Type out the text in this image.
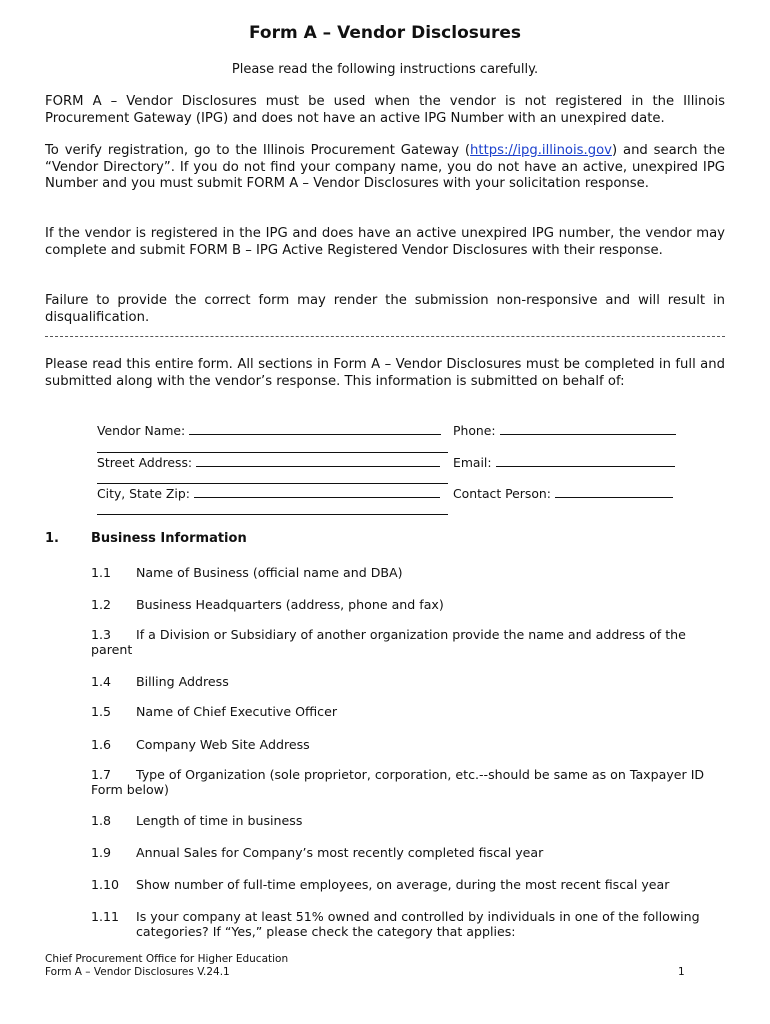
Form A – Vendor Disclosures
Please read the following instructions carefully.
FORM A – Vendor Disclosures must be used when the vendor is not registered in the Illinois Procurement Gateway (IPG) and does not have an active IPG Number with an unexpired date.
To verify registration, go to the Illinois Procurement Gateway (https://ipg.illinois.gov) and search the “Vendor Directory”. If you do not find your company name, you do not have an active, unexpired IPG Number and you must submit FORM A – Vendor Disclosures with your solicitation response.
If the vendor is registered in the IPG and does have an active unexpired IPG number, the vendor may complete and submit FORM B – IPG Active Registered Vendor Disclosures with their response.
Failure to provide the correct form may render the submission non-responsive and will result in disqualification.
Please read this entire form. All sections in Form A – Vendor Disclosures must be completed in full and submitted along with the vendor’s response. This information is submitted on behalf of:
Vendor Name:	Phone:
Street Address:	Email:
City, State Zip:	Contact Person:
1. Business Information
1.1 Name of Business (official name and DBA)
1.2 Business Headquarters (address, phone and fax)
1.3 If a Division or Subsidiary of another organization provide the name and address of the parent
1.4 Billing Address
1.5 Name of Chief Executive Officer
1.6 Company Web Site Address
1.7 Type of Organization (sole proprietor, corporation, etc.--should be same as on Taxpayer ID Form below)
1.8 Length of time in business
1.9 Annual Sales for Company’s most recently completed fiscal year
1.10 Show number of full-time employees, on average, during the most recent fiscal year
1.11	Is your company at least 51% owned and controlled by individuals in one of the following categories? If “Yes,” please check the category that applies:
Chief Procurement Office for Higher Education
Form A – Vendor Disclosures V.24.1	1
